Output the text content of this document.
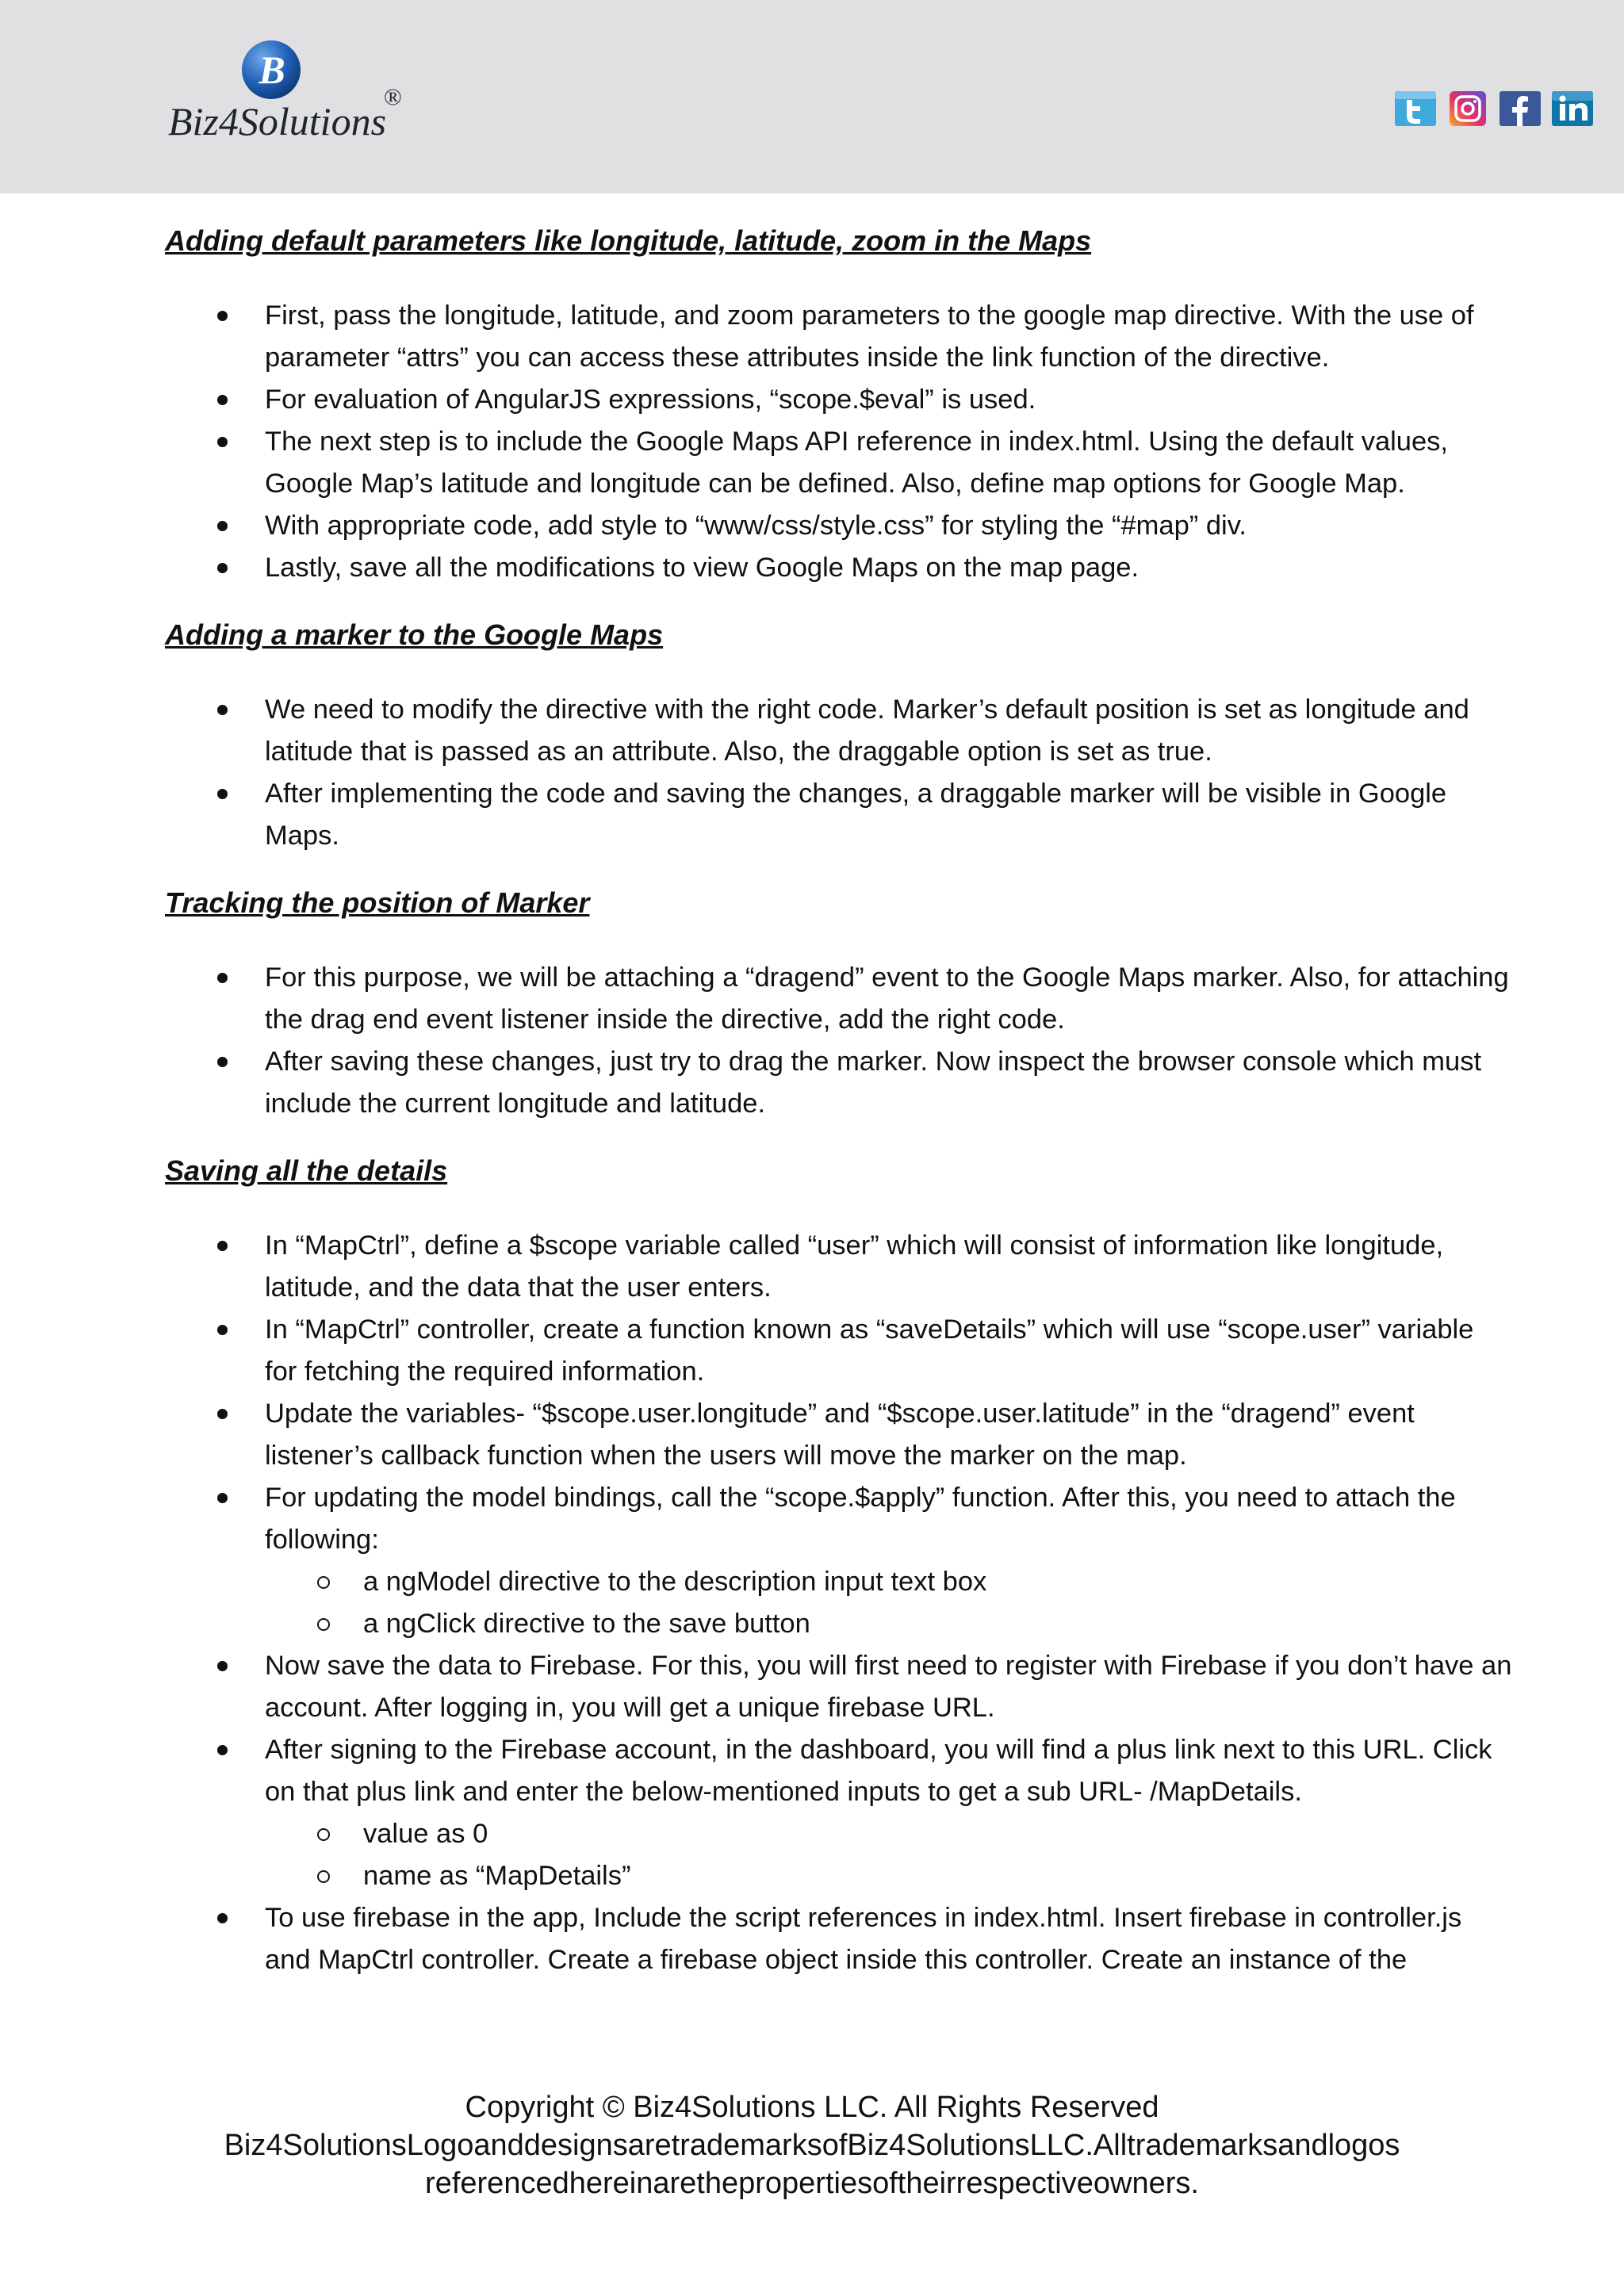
B
Biz4Solutions
®
Adding default parameters like longitude, latitude, zoom in the Maps
First, pass the longitude, latitude, and zoom parameters to the google map directive. With the use of parameter “attrs” you can access these attributes inside the link function of the directive.
For evaluation of AngularJS expressions, “scope.$eval” is used.
The next step is to include the Google Maps API reference in index.html. Using the default values, Google Map’s latitude and longitude can be defined. Also, define map options for Google Map.
With appropriate code, add style to “www/css/style.css” for styling the “#map” div.
Lastly, save all the modifications to view Google Maps on the map page.
Adding a marker to the Google Maps
We need to modify the directive with the right code. Marker’s default position is set as longitude and latitude that is passed as an attribute. Also, the draggable option is set as true.
After implementing the code and saving the changes, a draggable marker will be visible in Google Maps.
Tracking the position of Marker
For this purpose, we will be attaching a “dragend” event to the Google Maps marker. Also, for attaching the drag end event listener inside the directive, add the right code.
After saving these changes, just try to drag the marker. Now inspect the browser console which must include the current longitude and latitude.
Saving all the details
In “MapCtrl”, define a $scope variable called “user” which will consist of information like longitude, latitude, and the data that the user enters.
In “MapCtrl” controller, create a function known as “saveDetails” which will use “scope.user” variable for fetching the required information.
Update the variables- “$scope.user.longitude” and “$scope.user.latitude” in the “dragend” event listener’s callback function when the users will move the marker on the map.
For updating the model bindings, call the “scope.$apply” function. After this, you need to attach the following:
a ngModel directive to the description input text box
a ngClick directive to the save button
Now save the data to Firebase. For this, you will first need to register with Firebase if you don’t have an account. After logging in, you will get a unique firebase URL.
After signing to the Firebase account, in the dashboard, you will find a plus link next to this URL. Click on that plus link and enter the below-mentioned inputs to get a sub URL- /MapDetails.
value as 0
name as “MapDetails”
To use firebase in the app, Include the script references in index.html. Insert firebase in controller.js and MapCtrl controller. Create a firebase object inside this controller. Create an instance of the
Copyright © Biz4Solutions LLC. All Rights Reserved
Biz4SolutionsLogoanddesignsaretrademarksofBiz4SolutionsLLC.Alltrademarksandlogos
referencedhereinarethepropertiesoftheirrespectiveowners.
